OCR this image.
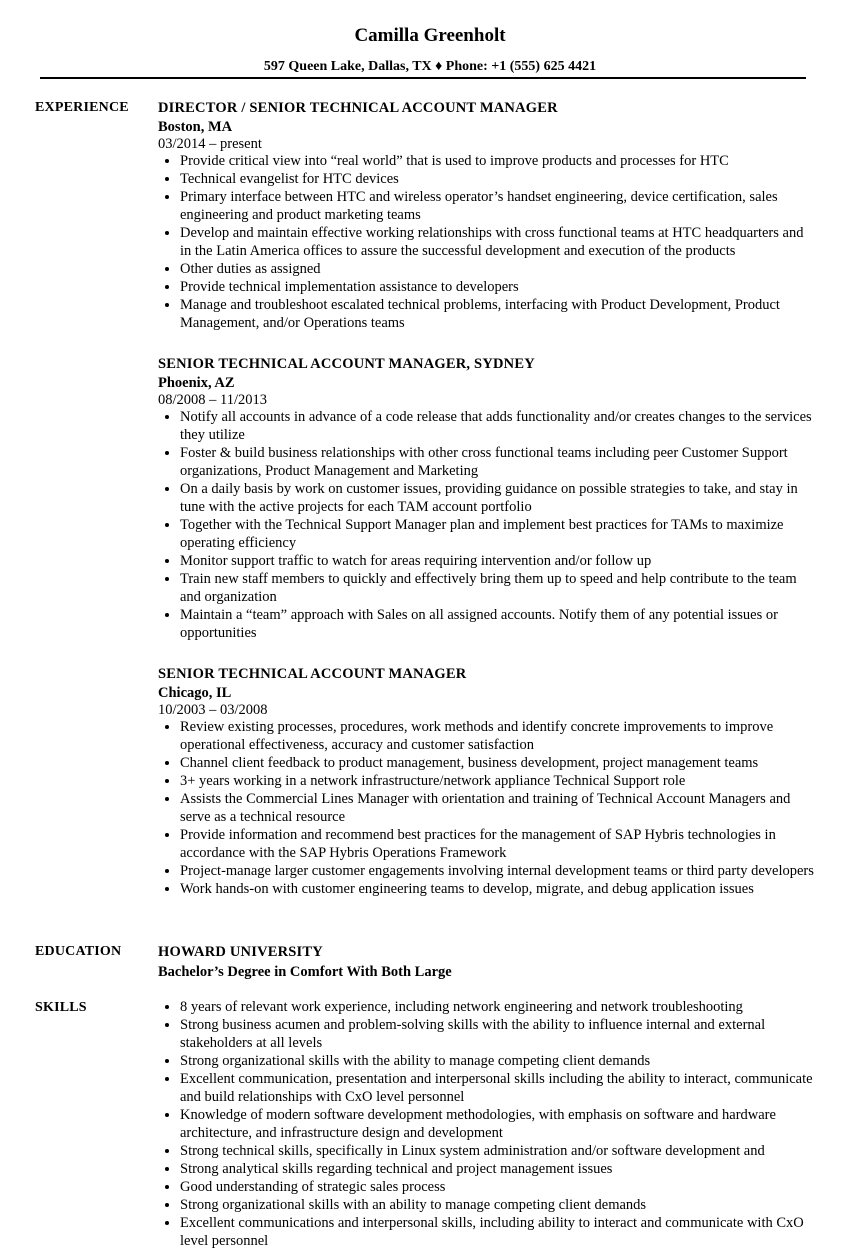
Camilla Greenholt
597 Queen Lake, Dallas, TX ♦ Phone: +1 (555) 625 4421
EXPERIENCE DIRECTOR / SENIOR TECHNICAL ACCOUNT MANAGER
Boston, MA
03/2014 – present
• Provide critical view into “real world” that is used to improve products and processes for HTC
• Technical evangelist for HTC devices
• Primary interface between HTC and wireless operator’s handset engineering, device certification, sales engineering and product marketing teams
• Develop and maintain effective working relationships with cross functional teams at HTC headquarters and in the Latin America offices to assure the successful development and execution of the products
• Other duties as assigned
• Provide technical implementation assistance to developers
• Manage and troubleshoot escalated technical problems, interfacing with Product Development, Product Management, and/or Operations teams
SENIOR TECHNICAL ACCOUNT MANAGER, SYDNEY
Phoenix, AZ
08/2008 – 11/2013
• Notify all accounts in advance of a code release that adds functionality and/or creates changes to the services they utilize
• Foster & build business relationships with other cross functional teams including peer Customer Support organizations, Product Management and Marketing
• On a daily basis by work on customer issues, providing guidance on possible strategies to take, and stay in tune with the active projects for each TAM account portfolio
• Together with the Technical Support Manager plan and implement best practices for TAMs to maximize operating efficiency
• Monitor support traffic to watch for areas requiring intervention and/or follow up
• Train new staff members to quickly and effectively bring them up to speed and help contribute to the team and organization
• Maintain a “team” approach with Sales on all assigned accounts. Notify them of any potential issues or opportunities
SENIOR TECHNICAL ACCOUNT MANAGER
Chicago, IL
10/2003 – 03/2008
• Review existing processes, procedures, work methods and identify concrete improvements to improve operational effectiveness, accuracy and customer satisfaction
• Channel client feedback to product management, business development, project management teams
• 3+ years working in a network infrastructure/network appliance Technical Support role
• Assists the Commercial Lines Manager with orientation and training of Technical Account Managers and serve as a technical resource
• Provide information and recommend best practices for the management of SAP Hybris technologies in accordance with the SAP Hybris Operations Framework
• Project-manage larger customer engagements involving internal development teams or third party developers
• Work hands-on with customer engineering teams to develop, migrate, and debug application issues
EDUCATION	HOWARD UNIVERSITY
Bachelor’s Degree in Comfort With Both Large
SKILLS
•	8 years of relevant work experience, including network engineering and network troubleshooting
• Strong business acumen and problem-solving skills with the ability to influence internal and external stakeholders at all levels
• Strong organizational skills with the ability to manage competing client demands
• Excellent communication, presentation and interpersonal skills including the ability to interact, communicate and build relationships with CxO level personnel
• Knowledge of modern software development methodologies, with emphasis on software and hardware architecture, and infrastructure design and development
• Strong technical skills, specifically in Linux system administration and/or software development and
• Strong analytical skills regarding technical and project management issues
• Good understanding of strategic sales process
• Strong organizational skills with an ability to manage competing client demands
• Excellent communications and interpersonal skills, including ability to interact and communicate with CxO level personnel
